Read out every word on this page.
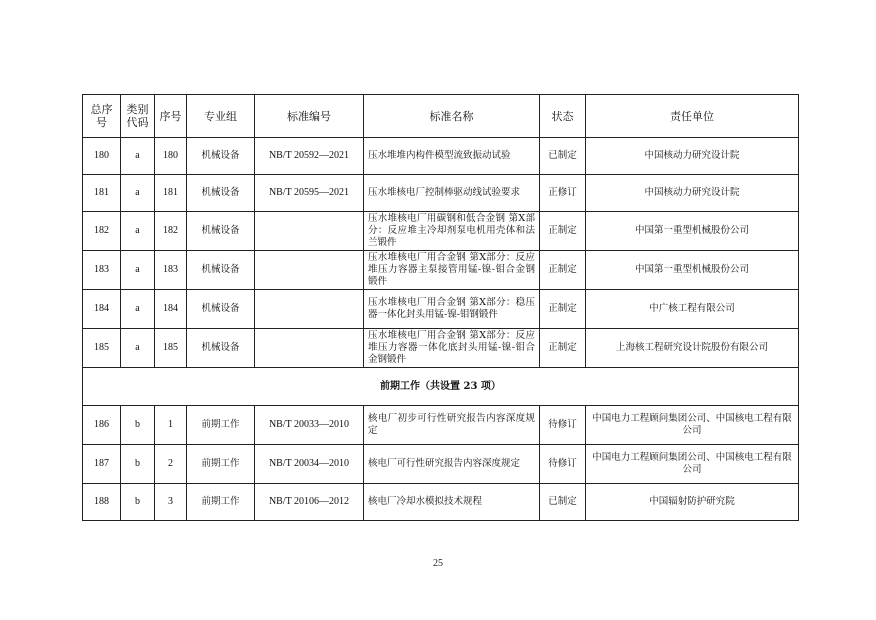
总序号	类别代码	序号	专业组	标准编号	标准名称	状态	责任单位
180	a	180	机械设备	NB/T 20592—2021	压水堆堆内构件模型流致振动试验	已制定	中国核动力研究设计院
181	a	181	机械设备	NB/T 20595—2021	压水堆核电厂控制棒驱动线试验要求	正修订	中国核动力研究设计院
182	a	182	机械设备		压水堆核电厂用碳钢和低合金钢 第X部分：反应堆主冷却剂泵电机用壳体和法兰锻件	正制定	中国第一重型机械股份公司
183	a	183	机械设备		压水堆核电厂用合金钢 第X部分：反应堆压力容器主泵接管用锰-镍-钼合金钢锻件	正制定	中国第一重型机械股份公司
184	a	184	机械设备		压水堆核电厂用合金钢 第X部分：稳压器一体化封头用锰-镍-钼钢锻件	正制定	中广核工程有限公司
185	a	185	机械设备		压水堆核电厂用合金钢 第X部分：反应堆压力容器一体化底封头用锰-镍-钼合金钢锻件	正制定	上海核工程研究设计院股份有限公司
前期工作（共设置 23 项）							
186	b	1	前期工作	NB/T 20033—2010	核电厂初步可行性研究报告内容深度规定	待修订	中国电力工程顾问集团公司、中国核电工程有限公司
187	b	2	前期工作	NB/T 20034—2010	核电厂可行性研究报告内容深度规定	待修订	中国电力工程顾问集团公司、中国核电工程有限公司
188	b	3	前期工作	NB/T 20106—2012	核电厂冷却水模拟技术规程	已制定	中国辐射防护研究院
25
